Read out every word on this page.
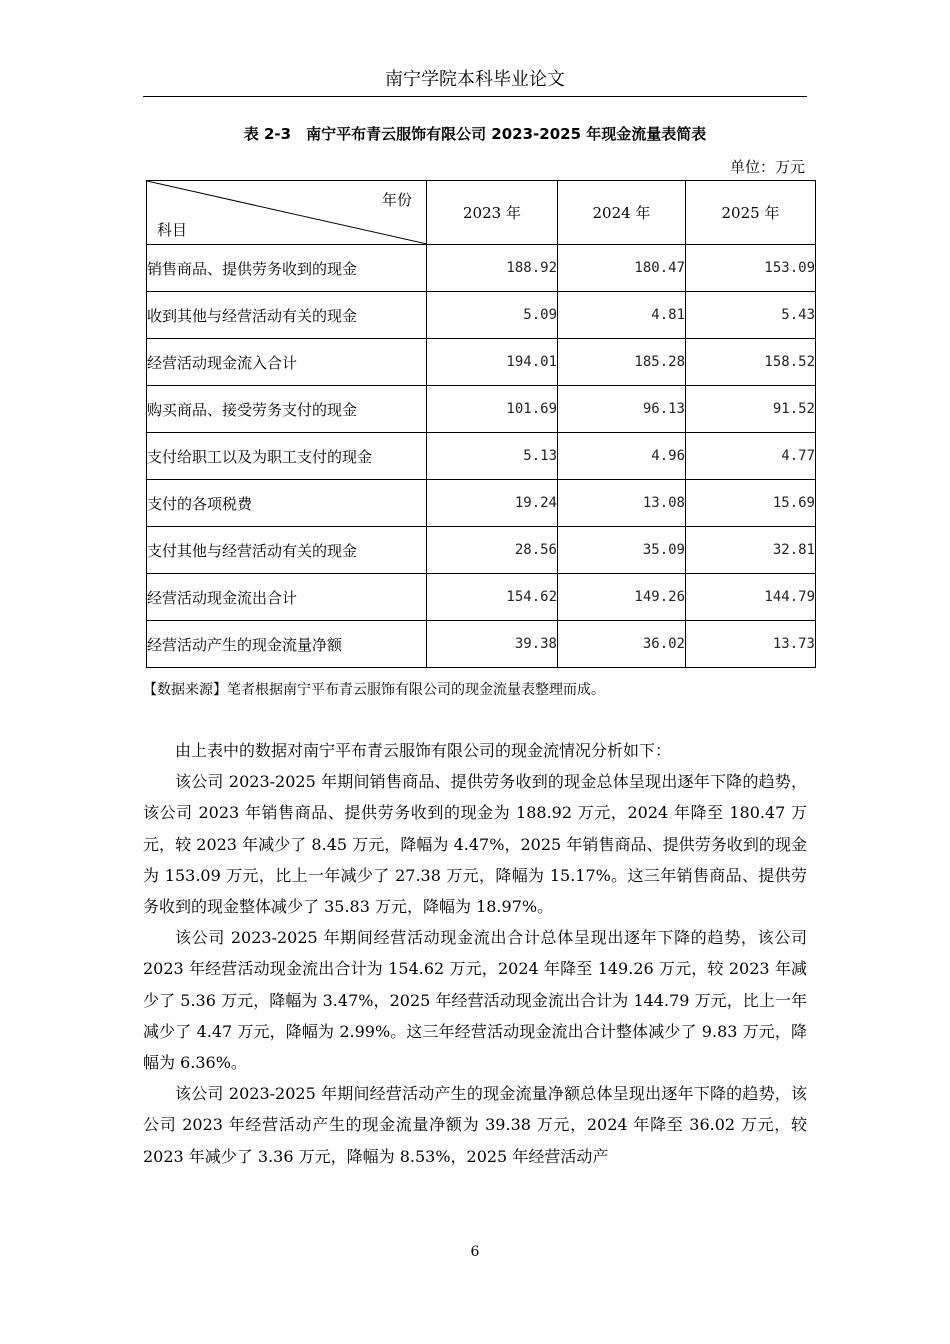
南宁学院本科毕业论文
表 2-3　南宁平布青云服饰有限公司 2023-2025 年现金流量表简表
单位：万元
年份
科目	2023 年	2024 年	2025 年
销售商品、提供劳务收到的现金	188.92	180.47	153.09
收到其他与经营活动有关的现金	5.09	4.81	5.43
经营活动现金流入合计	194.01	185.28	158.52
购买商品、接受劳务支付的现金	101.69	96.13	91.52
支付给职工以及为职工支付的现金	5.13	4.96	4.77
支付的各项税费	19.24	13.08	15.69
支付其他与经营活动有关的现金	28.56	35.09	32.81
经营活动现金流出合计	154.62	149.26	144.79
经营活动产生的现金流量净额	39.38	36.02	13.73
【数据来源】笔者根据南宁平布青云服饰有限公司的现金流量表整理而成。

由上表中的数据对南宁平布青云服饰有限公司的现金流情况分析如下：

该公司 2023-2025 年期间销售商品、提供劳务收到的现金总体呈现出逐年下降的趋势，该公司 2023 年销售商品、提供劳务收到的现金为 188.92 万元，2024 年降至 180.47 万元，较 2023 年减少了 8.45 万元，降幅为 4.47%，2025 年销售商品、提供劳务收到的现金为 153.09 万元，比上一年减少了 27.38 万元，降幅为 15.17%。这三年销售商品、提供劳务收到的现金整体减少了 35.83 万元，降幅为 18.97%。

该公司 2023-2025 年期间经营活动现金流出合计总体呈现出逐年下降的趋势，该公司 2023 年经营活动现金流出合计为 154.62 万元，2024 年降至 149.26 万元，较 2023 年减少了 5.36 万元，降幅为 3.47%，2025 年经营活动现金流出合计为 144.79 万元，比上一年减少了 4.47 万元，降幅为 2.99%。这三年经营活动现金流出合计整体减少了 9.83 万元，降幅为 6.36%。

该公司 2023-2025 年期间经营活动产生的现金流量净额总体呈现出逐年下降的趋势，该公司 2023 年经营活动产生的现金流量净额为 39.38 万元，2024 年降至 36.02 万元，较 2023 年减少了 3.36 万元，降幅为 8.53%，2025 年经营活动产

6
